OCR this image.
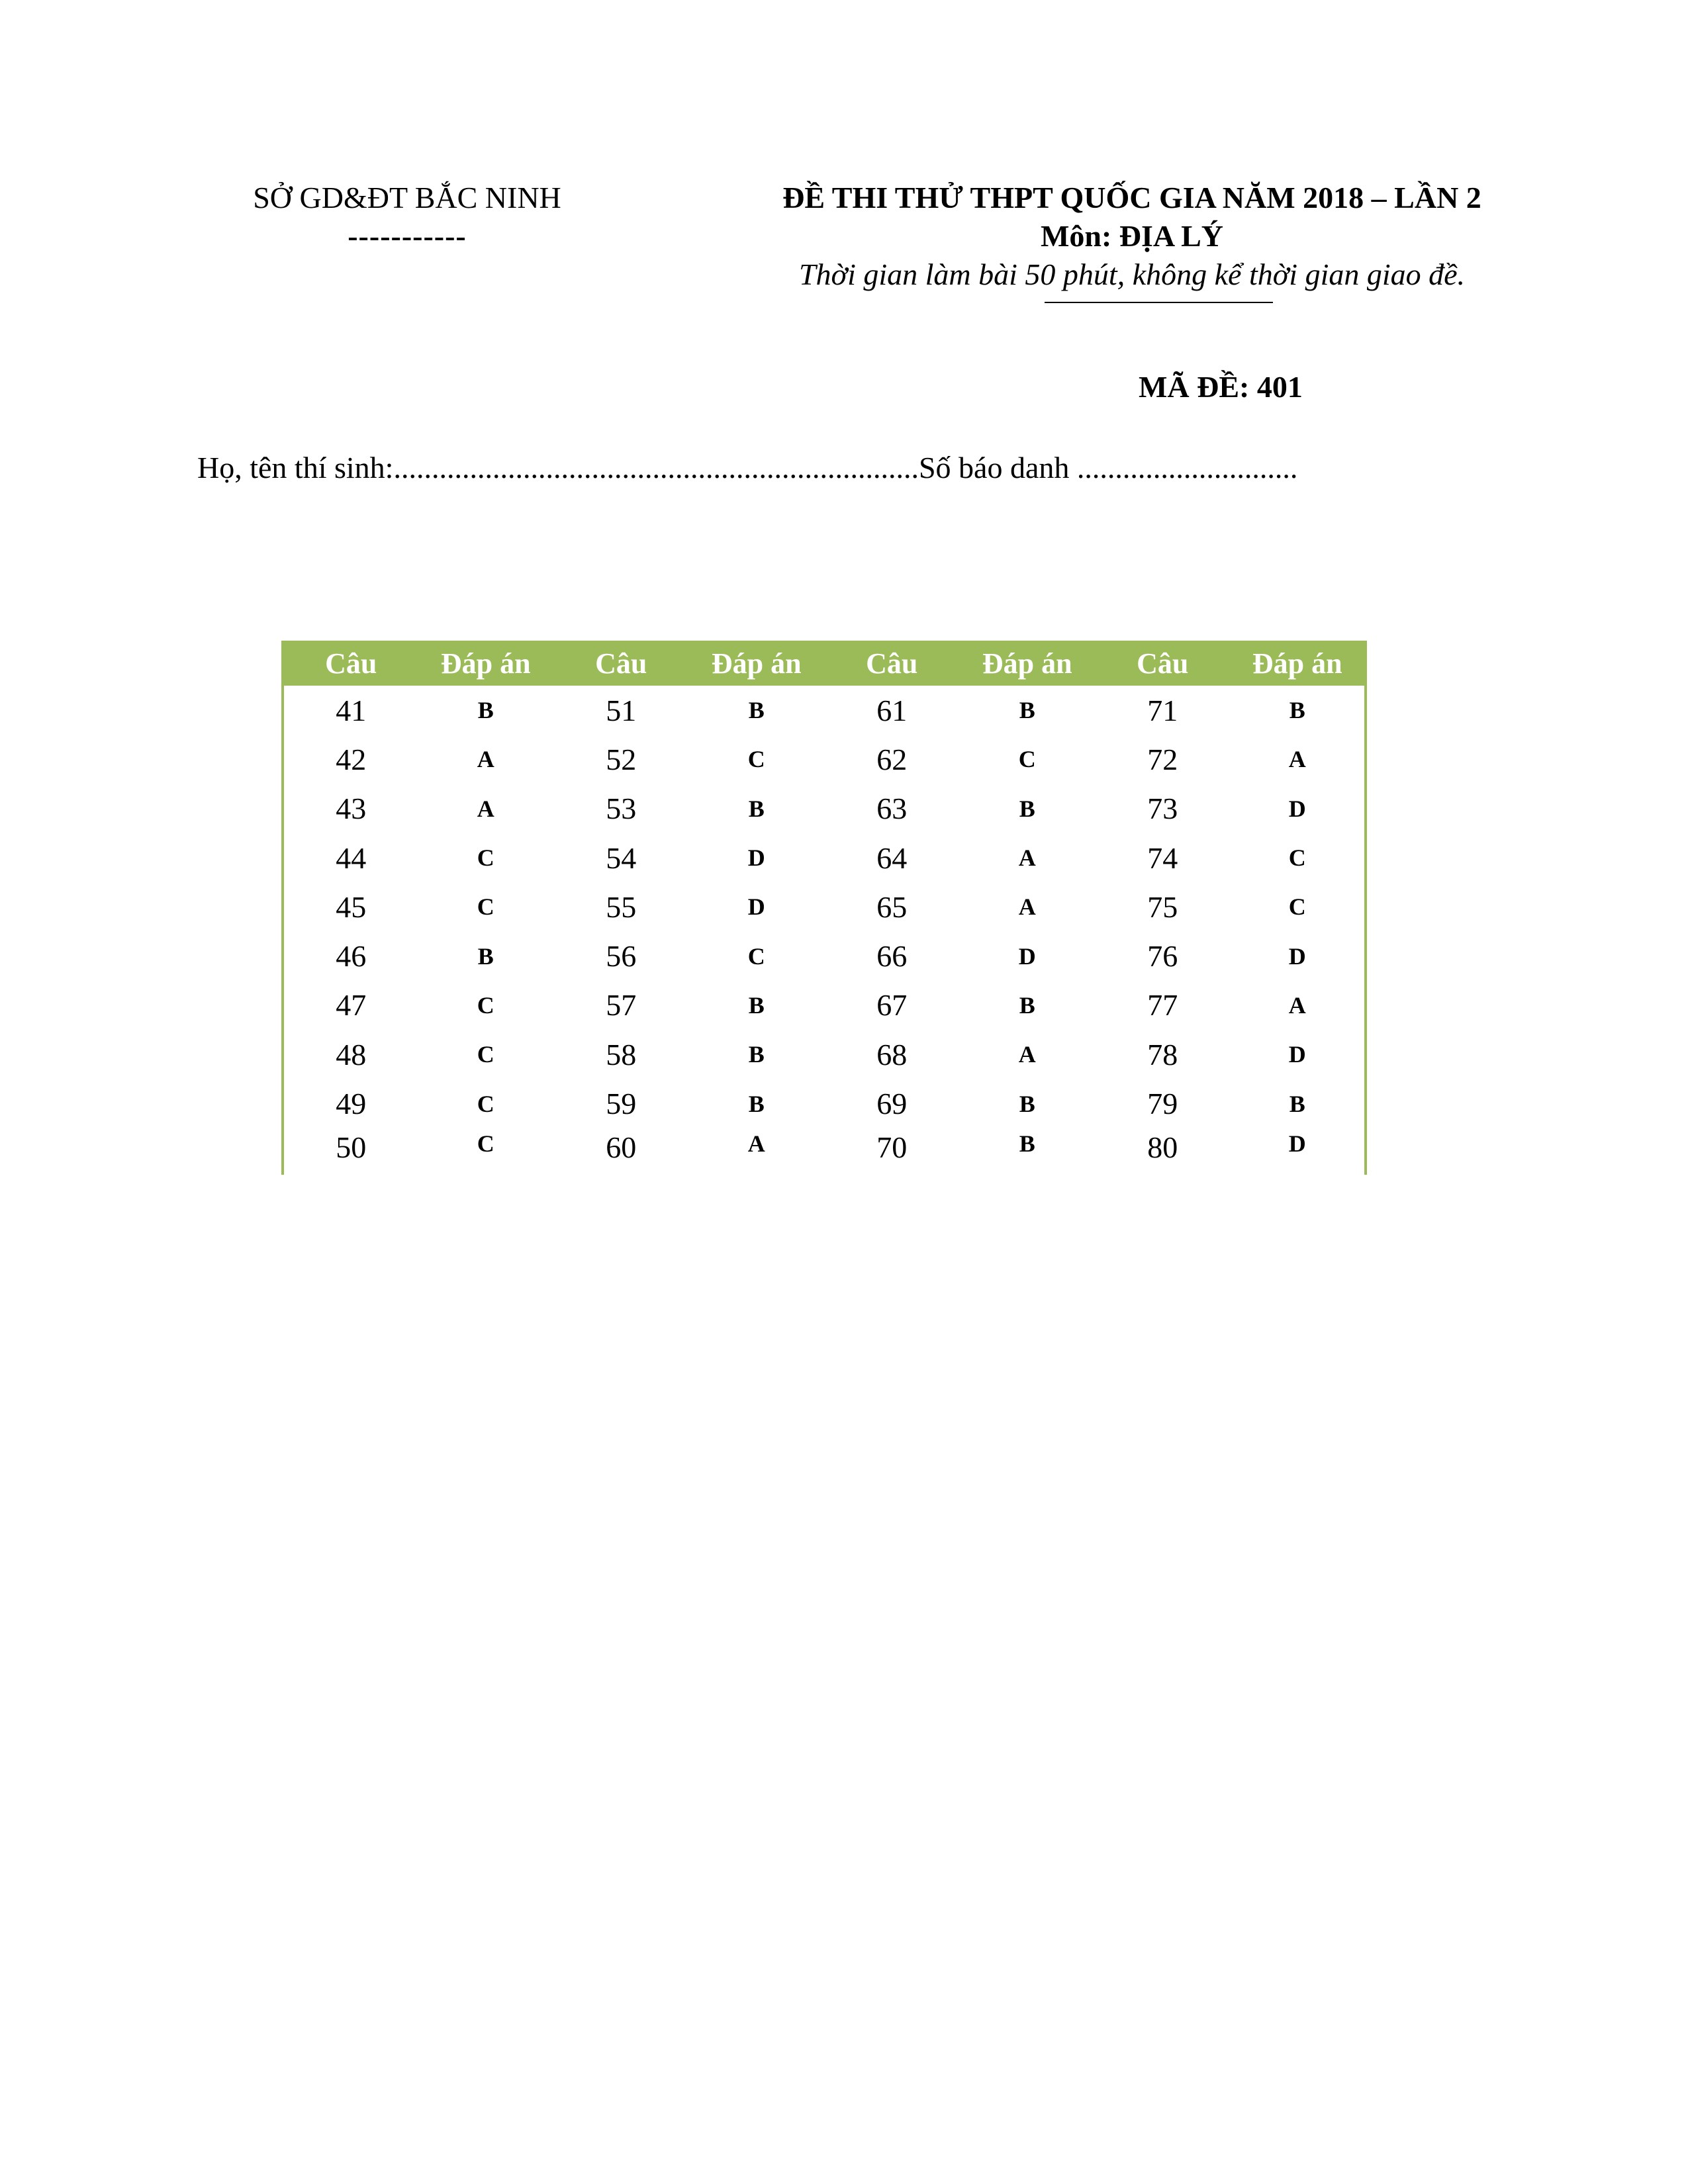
SỞ GD&ĐT BẮC NINH
-----------
ĐỀ THI THỬ THPT QUỐC GIA NĂM 2018 – LẦN 2
Môn: ĐỊA LÝ
Thời gian làm bài 50 phút, không kể thời gian giao đề.
MÃ ĐỀ: 401
Họ, tên thí sinh:.....................................................................Số báo danh .............................
Câu	Đáp án	Câu	Đáp án	Câu	Đáp án	Câu	Đáp án
41	B	51	B	61	B	71	B
42	A	52	C	62	C	72	A
43	A	53	B	63	B	73	D
44	C	54	D	64	A	74	C
45	C	55	D	65	A	75	C
46	B	56	C	66	D	76	D
47	C	57	B	67	B	77	A
48	C	58	B	68	A	78	D
49	C	59	B	69	B	79	B
50	C	60	A	70	B	80	D
